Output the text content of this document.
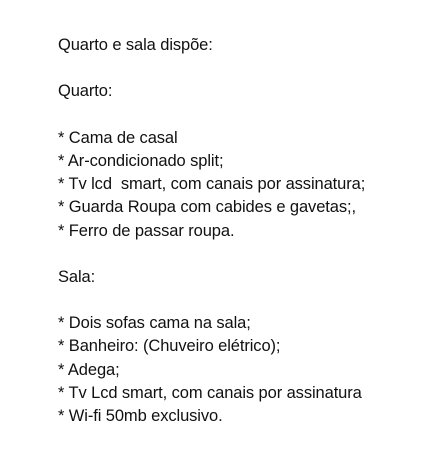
Quarto e sala dispõe:
Quarto:
* Cama de casal
* Ar-condicionado split;
* Tv lcd  smart, com canais por assinatura;
* Guarda Roupa com cabides e gavetas;,
* Ferro de passar roupa.
Sala:
* Dois sofas cama na sala;
* Banheiro: (Chuveiro elétrico);
* Adega;
* Tv Lcd smart, com canais por assinatura
* Wi-fi 50mb exclusivo.
